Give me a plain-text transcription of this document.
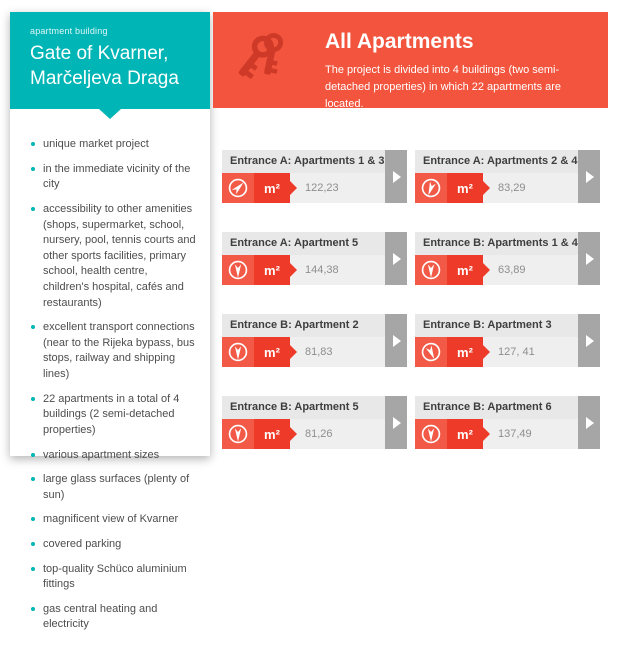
apartment building
Gate of Kvarner,
Marčeljeva Draga
unique market project
in the immediate vicinity of the city
accessibility to other amenities (shops, supermarket, school, nursery, pool, tennis courts and other sports facilities, primary school, health centre, children's hospital, cafés and restaurants)
excellent transport connections (near to the Rijeka bypass, bus stops, railway and shipping lines)
22 apartments in a total of 4 buildings (2 semi-detached properties)
various apartment sizes
large glass surfaces (plenty of sun)
magnificent view of Kvarner
covered parking
top-quality Schüco aluminium fittings
gas central heating and electricity
All Apartments
The project is divided into 4 buildings (two semi-detached properties) in which 22 apartments are located.
Entrance A: Apartments 1 & 3
m²	122,23
Entrance A: Apartments 2 & 4
m²	83,29
Entrance A: Apartment 5
m²	144,38
Entrance B: Apartments 1 & 4
m²	63,89
Entrance B: Apartment 2
m²	81,83
Entrance B: Apartment 3
m²	127, 41
Entrance B: Apartment 5
m²	81,26
Entrance B: Apartment 6
m²	137,49
